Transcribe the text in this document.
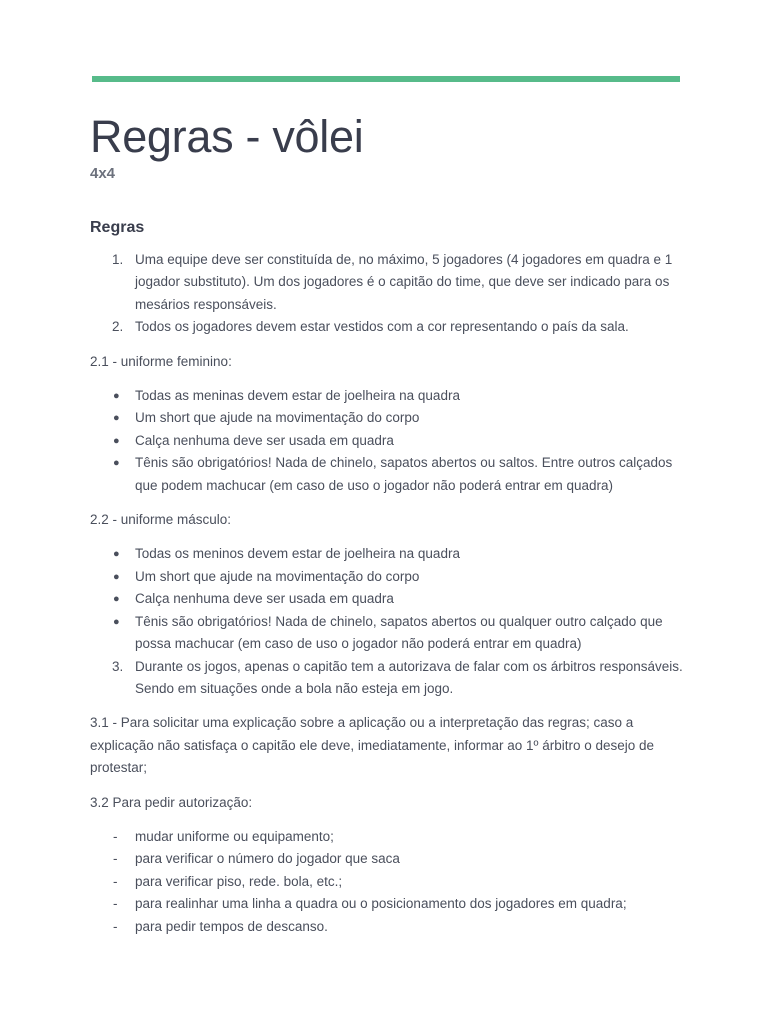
Regras - vôlei

4x4

Regras
1. Uma equipe deve ser constituída de, no máximo, 5 jogadores (4 jogadores em quadra e 1 jogador substituto). Um dos jogadores é o capitão do time, que deve ser indicado para os mesários responsáveis.
2. Todos os jogadores devem estar vestidos com a cor representando o país da sala.

2.1 - uniforme feminino:

●	Todas as meninas devem estar de joelheira na quadra
●	Um short que ajude na movimentação do corpo
●	Calça nenhuma deve ser usada em quadra
●	Tênis são obrigatórios! Nada de chinelo, sapatos abertos ou saltos. Entre outros calçados que podem machucar (em caso de uso o jogador não poderá entrar em quadra)

2.2 - uniforme másculo:

●	Todas os meninos devem estar de joelheira na quadra
●	Um short que ajude na movimentação do corpo
●	Calça nenhuma deve ser usada em quadra
●	Tênis são obrigatórios! Nada de chinelo, sapatos abertos ou qualquer outro calçado que possa machucar (em caso de uso o jogador não poderá entrar em quadra)
3. Durante os jogos, apenas o capitão tem a autorizava de falar com os árbitros responsáveis. Sendo em situações onde a bola não esteja em jogo.

3.1 - Para solicitar uma explicação sobre a aplicação ou a interpretação das regras; caso a explicação não satisfaça o capitão ele deve, imediatamente, informar ao 1º árbitro o desejo de protestar;

3.2 Para pedir autorização:

-	mudar uniforme ou equipamento;
-	para verificar o número do jogador que saca
-	para verificar piso, rede. bola, etc.;
-	para realinhar uma linha a quadra ou o posicionamento dos jogadores em quadra;
-	para pedir tempos de descanso.
